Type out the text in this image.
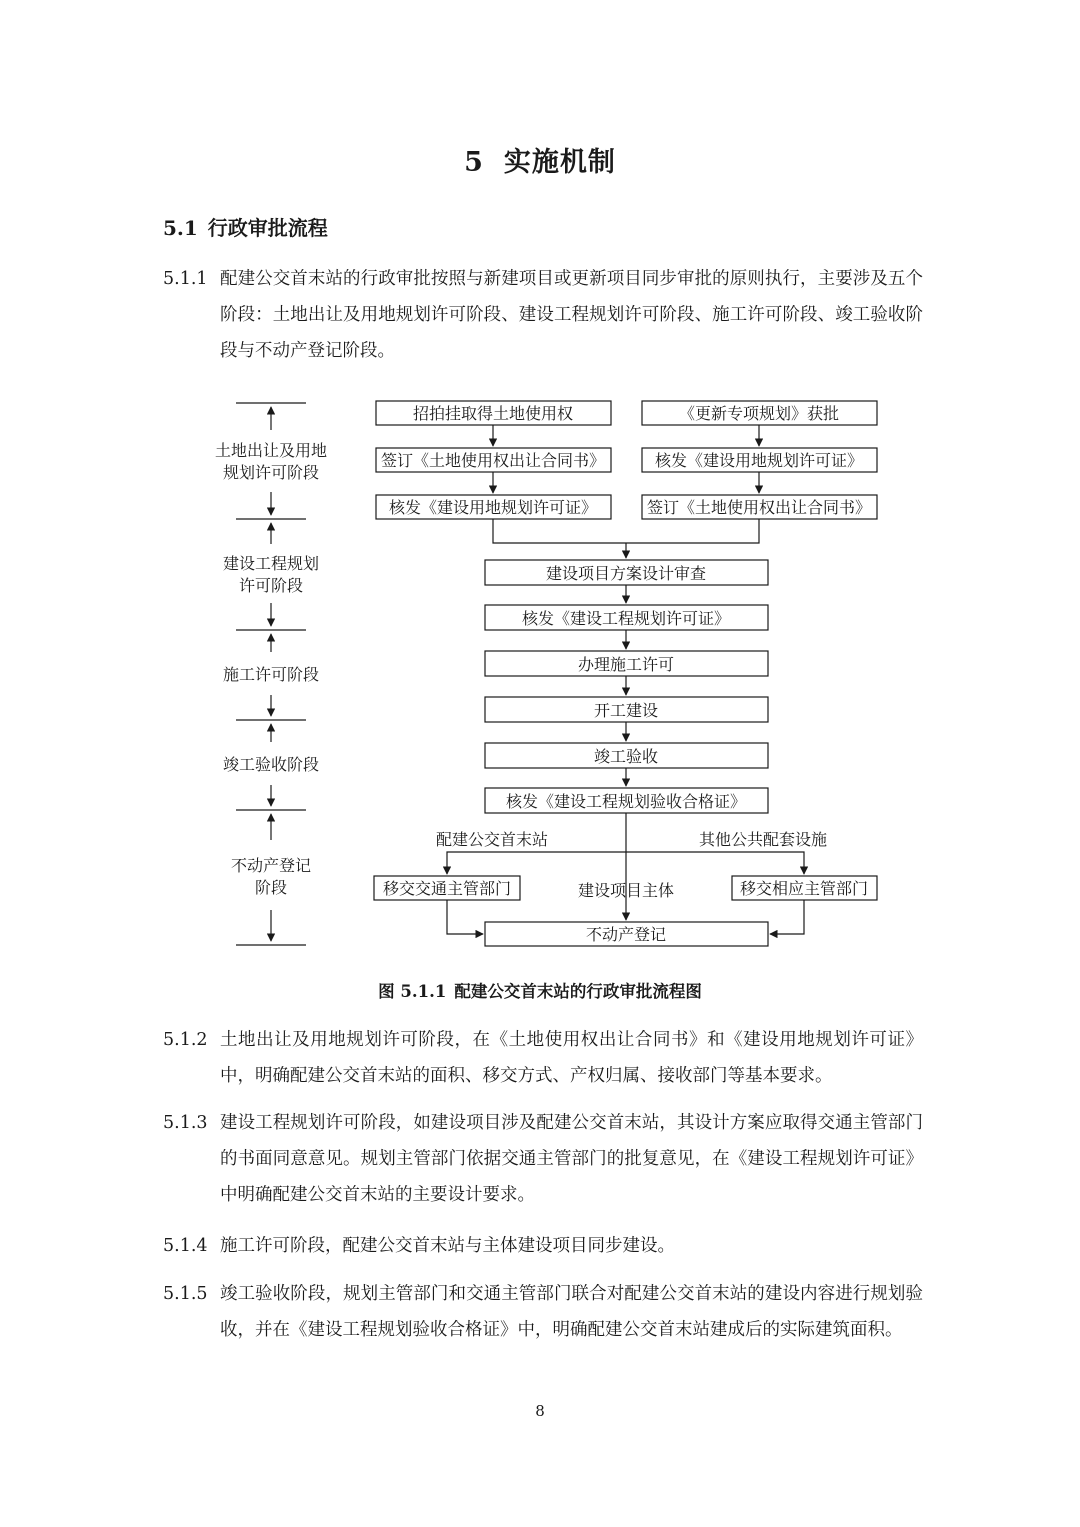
5 实施机制
5.1 行政审批流程
5.1.1 配建公交首末站的行政审批按照与新建项目或更新项目同步审批的原则执行，主要涉及五个阶段：土地出让及用地规划许可阶段、建设工程规划许可阶段、施工许可阶段、竣工验收阶段与不动产登记阶段。
土地出让及用地
规划许可阶段
建设工程规划
许可阶段
施工许可阶段
竣工验收阶段
不动产登记
阶段
招拍挂取得土地使用权
签订《土地使用权出让合同书》
核发《建设用地规划许可证》
《更新专项规划》获批
核发《建设用地规划许可证》
签订《土地使用权出让合同书》
建设项目方案设计审查
核发《建设工程规划许可证》
办理施工许可
开工建设
竣工验收
核发《建设工程规划验收合格证》
配建公交首末站	其他公共配套设施
建设项目主体
移交交通主管部门	移交相应主管部门
不动产登记
图 5.1.1 配建公交首末站的行政审批流程图
5.1.2 土地出让及用地规划许可阶段，在《土地使用权出让合同书》和《建设用地规划许可证》中，明确配建公交首末站的面积、移交方式、产权归属、接收部门等基本要求。
5.1.3 建设工程规划许可阶段，如建设项目涉及配建公交首末站，其设计方案应取得交通主管部门的书面同意意见。规划主管部门依据交通主管部门的批复意见，在《建设工程规划许可证》中明确配建公交首末站的主要设计要求。
5.1.4 施工许可阶段，配建公交首末站与主体建设项目同步建设。
5.1.5 竣工验收阶段，规划主管部门和交通主管部门联合对配建公交首末站的建设内容进行规划验收，并在《建设工程规划验收合格证》中，明确配建公交首末站建成后的实际建筑面积。
8
